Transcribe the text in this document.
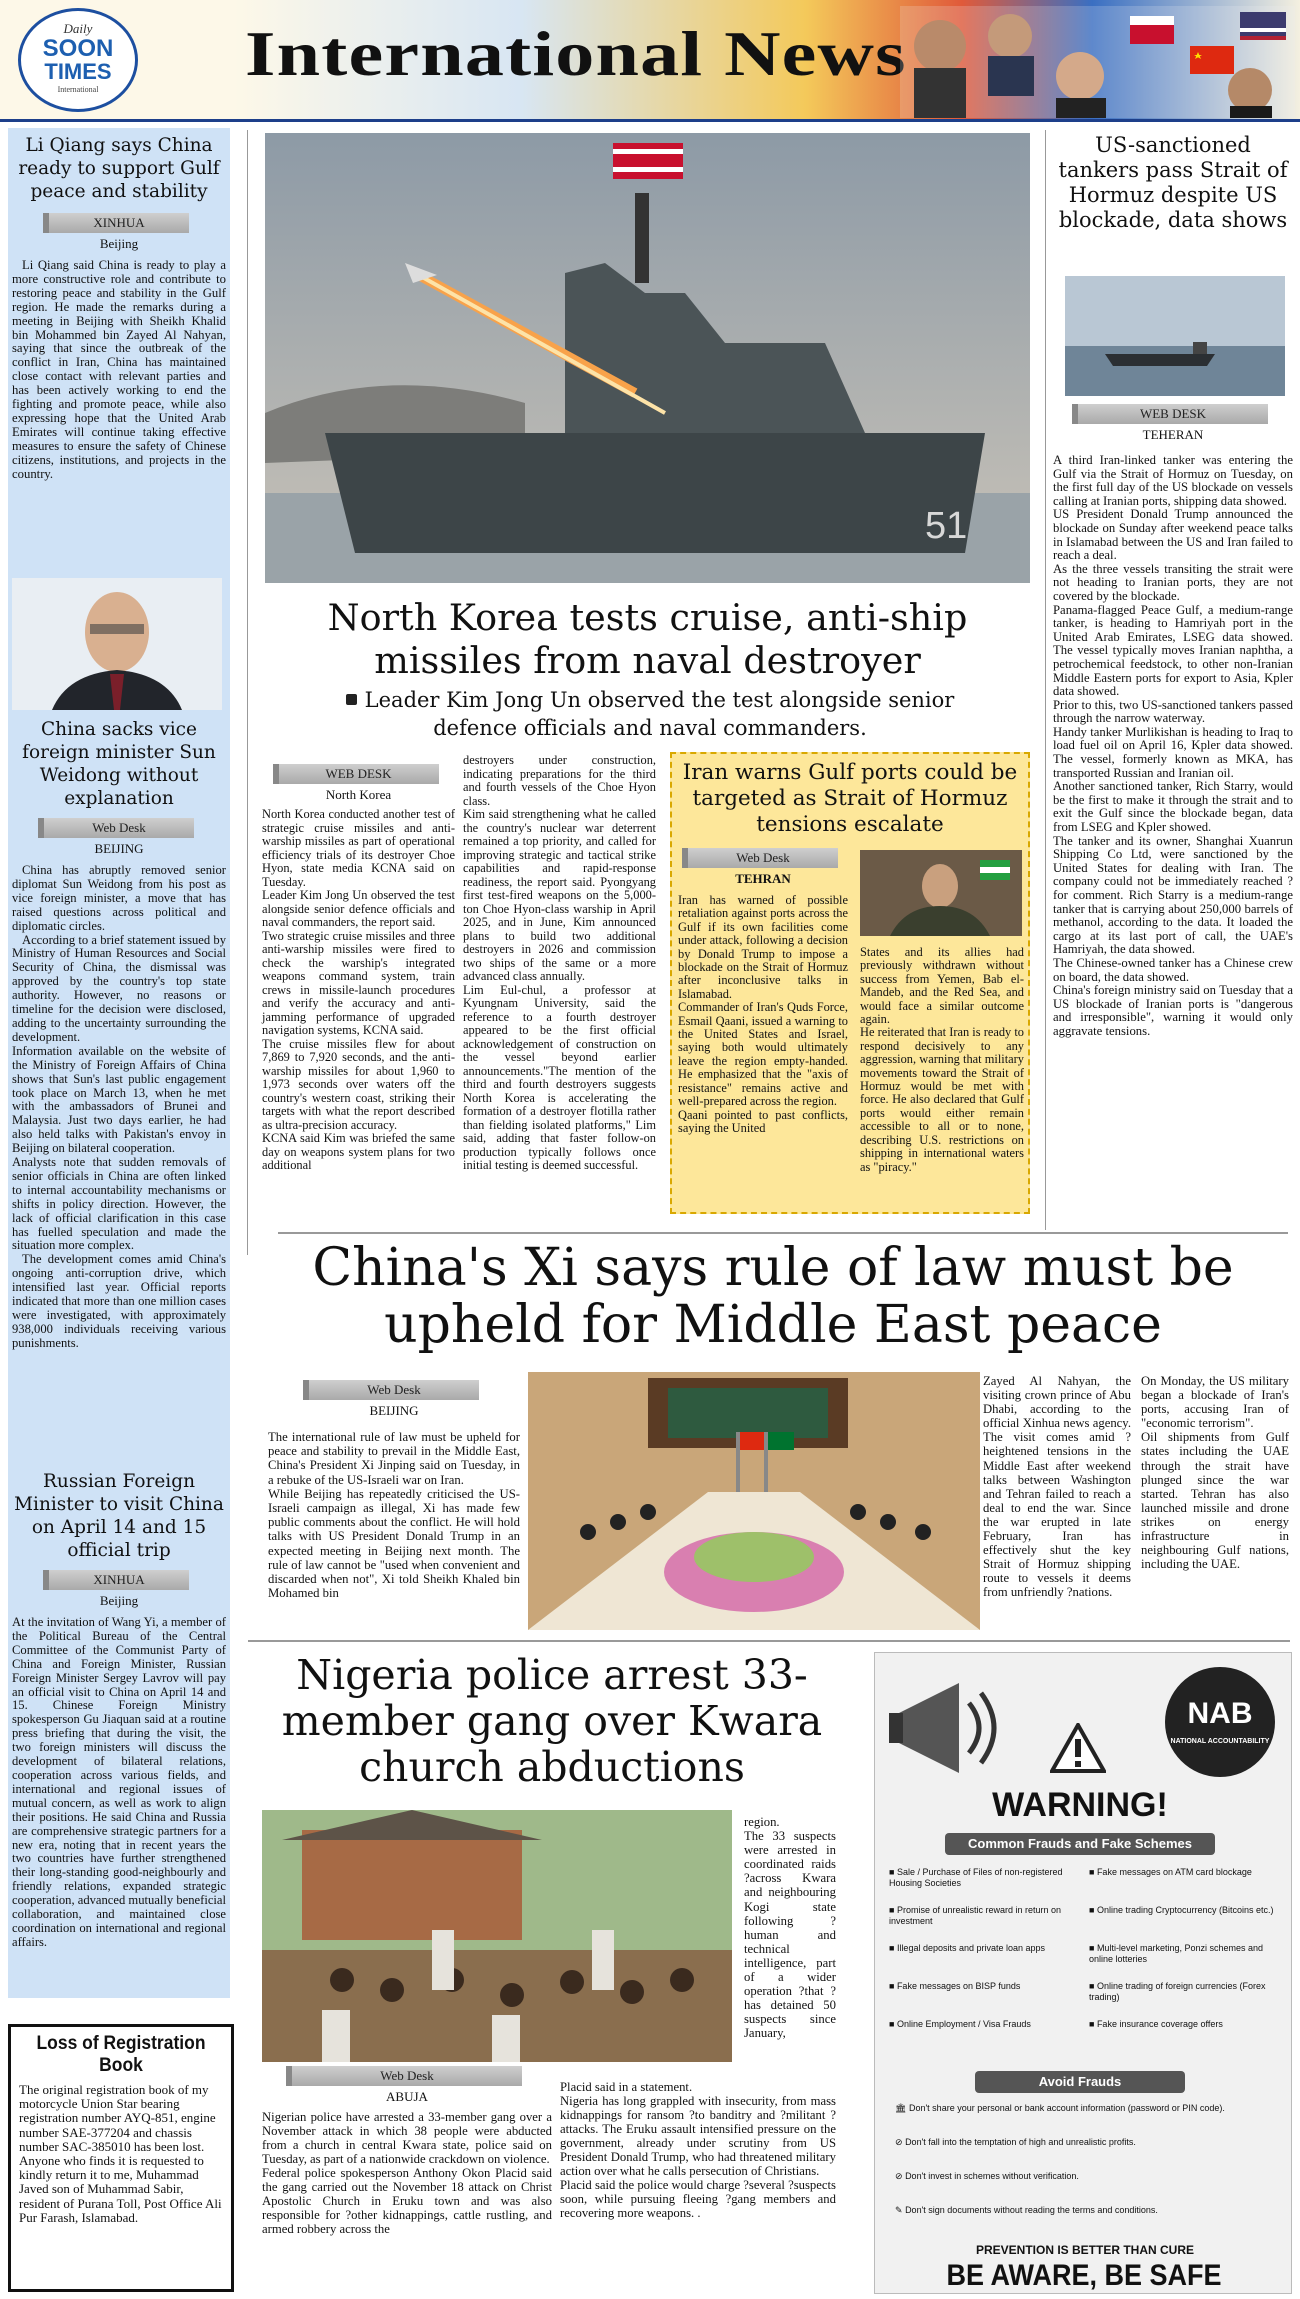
Daily
SOON
TIMES
International
International News
Li Qiang says China ready to support Gulf peace and stability
XINHUA
Beijing

Li Qiang said China is ready to play a more constructive role and contribute to restoring peace and stability in the Gulf region. He made the remarks during a meeting in Beijing with Sheikh Khalid bin Mohammed bin Zayed Al Nahyan, saying that since the outbreak of the conflict in Iran, China has maintained close contact with relevant parties and has been actively working to end the fighting and promote peace, while also expressing hope that the United Arab Emirates will continue taking effective measures to ensure the safety of Chinese citizens, institutions, and projects in the country.

China sacks vice foreign minister Sun Weidong without explanation
Web Desk
BEIJING

China has abruptly removed senior diplomat Sun Weidong from his post as vice foreign minister, a move that has raised questions across political and diplomatic circles.

According to a brief statement issued by Ministry of Human Resources and Social Security of China, the dismissal was approved by the country's top state authority. However, no reasons or timeline for the decision were disclosed, adding to the uncertainty surrounding the development.

Information available on the website of the Ministry of Foreign Affairs of China shows that Sun's last public engagement took place on March 13, when he met with the ambassadors of Brunei and Malaysia. Just two days earlier, he had also held talks with Pakistan's envoy in Beijing on bilateral cooperation.

Analysts note that sudden removals of senior officials in China are often linked to internal accountability mechanisms or shifts in policy direction. However, the lack of official clarification in this case has fuelled speculation and made the situation more complex.

The development comes amid China's ongoing anti-corruption drive, which intensified last year. Official reports indicated that more than one million cases were investigated, with approximately 938,000 individuals receiving various punishments.

Russian Foreign Minister to visit China on April 14 and 15 official trip
XINHUA
Beijing

At the invitation of Wang Yi, a member of the Political Bureau of the Central Committee of the Communist Party of China and Foreign Minister, Russian Foreign Minister Sergey Lavrov will pay an official visit to China on April 14 and 15. Chinese Foreign Ministry spokesperson Gu Jiaquan said at a routine press briefing that during the visit, the two foreign ministers will discuss the development of bilateral relations, cooperation across various fields, and international and regional issues of mutual concern, as well as work to align their positions. He said China and Russia are comprehensive strategic partners for a new era, noting that in recent years the two countries have further strengthened their long-standing good-neighbourly and friendly relations, expanded strategic cooperation, advanced mutually beneficial collaboration, and maintained close coordination on international and regional affairs.

Loss of Registration Book

The original registration book of my motorcycle Union Star bearing registration number AYQ-851, engine number SAE-377204 and chassis number SAC-385010 has been lost. Anyone who finds it is requested to kindly return it to me, Muhammad Javed son of Muhammad Sabir, resident of Purana Toll, Post Office Ali Pur Farash, Islamabad.

51
North Korea tests cruise, anti-ship missiles from naval destroyer
Leader Kim Jong Un observed the test alongside senior defence officials and naval commanders.
WEB DESK
North Korea
North Korea conducted another test of strategic cruise missiles and anti-warship missiles as part of operational efficiency trials of its destroyer Choe Hyon, state media KCNA said on Tuesday.
Leader Kim Jong Un observed the test alongside senior defence officials and naval commanders, the report said.
Two strategic cruise missiles and three anti-warship missiles were fired to check the warship's integrated weapons command system, train crews in missile-launch procedures and verify the accuracy and anti-jamming performance of upgraded navigation systems, KCNA said.
The cruise missiles flew for about 7,869 to 7,920 seconds, and the anti-warship missiles for about 1,960 to 1,973 seconds over waters off the country's western coast, striking their targets with what the report described as ultra-precision accuracy.
KCNA said Kim was briefed the same day on weapons system plans for two additional
destroyers under construction, indicating preparations for the third and fourth vessels of the Choe Hyon class.
Kim said strengthening what he called the country's nuclear war deterrent remained a top priority, and called for improving strategic and tactical strike capabilities and rapid-response readiness, the report said. Pyongyang first test-fired weapons on the 5,000-ton Choe Hyon-class warship in April 2025, and in June, Kim announced plans to build two additional destroyers in 2026 and commission two ships of the same or a more advanced class annually.
Lim Eul-chul, a professor at Kyungnam University, said the reference to a fourth destroyer appeared to be the first official acknowledgement of construction on the vessel beyond earlier announcements."The mention of the third and fourth destroyers suggests North Korea is accelerating the formation of a destroyer flotilla rather than fielding isolated platforms," Lim said, adding that faster follow-on production typically follows once initial testing is deemed successful.
Iran warns Gulf ports could be targeted as Strait of Hormuz tensions escalate
Web Desk
TEHRAN
Iran has warned of possible retaliation against ports across the Gulf if its own facilities come under attack, following a decision by Donald Trump to impose a blockade on the Strait of Hormuz after inconclusive talks in Islamabad.
Commander of Iran's Quds Force, Esmail Qaani, issued a warning to the United States and Israel, saying both would ultimately leave the region empty-handed. He emphasized that the "axis of resistance" remains active and well-prepared across the region.
Qaani pointed to past conflicts, saying the United
States and its allies had previously withdrawn without success from Yemen, Bab el-Mandeb, and the Red Sea, and would face a similar outcome again.
He reiterated that Iran is ready to respond decisively to any aggression, warning that military movements toward the Strait of Hormuz would be met with force. He also declared that Gulf ports would either remain accessible to all or to none, describing U.S. restrictions on shipping in international waters as "piracy."
US-sanctioned tankers pass Strait of Hormuz despite US blockade, data shows
WEB DESK
TEHERAN
A third Iran-linked tanker was entering the Gulf via the Strait of Hormuz on Tuesday, on the first full day of the US blockade on vessels calling at Iranian ports, shipping data showed.
US President Donald Trump announced the blockade on Sunday after weekend peace talks in Islamabad between the US and Iran failed to reach a deal.
As the three vessels transiting the strait were not heading to Iranian ports, they are not covered by the blockade.
Panama-flagged Peace Gulf, a medium-range tanker, is heading to Hamriyah port in the United Arab Emirates, LSEG data showed. The vessel typically moves Iranian naphtha, a petrochemical feedstock, to other non-Iranian Middle Eastern ports for export to Asia, Kpler data showed.
Prior to this, two US-sanctioned tankers passed through the narrow waterway.
Handy tanker Murlikishan is heading to Iraq to load fuel oil on April 16, Kpler data showed. The vessel, formerly known as MKA, has transported Russian and Iranian oil.
Another sanctioned tanker, Rich Starry, would be the first to make it through the strait and to exit the Gulf since the blockade began, data from LSEG and Kpler showed.
The tanker and its owner, Shanghai Xuanrun Shipping Co Ltd, were sanctioned by the United States for dealing with Iran. The company could not be immediately reached ?for comment. Rich Starry is a medium-range tanker that is carrying about 250,000 barrels of methanol, according to the data. It loaded the cargo at its last port of call, the UAE's Hamriyah, the data showed.
The Chinese-owned tanker has a Chinese crew on board, the data showed.
China's foreign ministry said on Tuesday that a US blockade of Iranian ports is "dangerous and irresponsible", warning it would only aggravate tensions.
China's Xi says rule of law must be upheld for Middle East peace
Web Desk
BEIJING
The international rule of law must be upheld for peace and stability to prevail in the Middle East, China's President Xi Jinping said on Tuesday, in a rebuke of the US-Israeli war on Iran.
While Beijing has repeatedly criticised the US-Israeli campaign as illegal, Xi has made few public comments about the conflict. He will hold talks with US President Donald Trump in an expected meeting in Beijing next month. The rule of law cannot be "used when convenient and discarded when not", Xi told Sheikh Khaled bin Mohamed bin
Zayed Al Nahyan, the visiting crown prince of Abu Dhabi, according to the official Xinhua news agency. The visit comes amid ?heightened tensions in the Middle East after weekend talks between Washington and Tehran failed to reach a deal to end the war. Since the war erupted in late February, Iran has effectively shut the key Strait of Hormuz shipping route to vessels it deems from unfriendly ?nations.
On Monday, the US military began a blockade of Iran's ports, accusing Iran of "economic terrorism".
Oil shipments from Gulf states including the UAE through the strait have plunged since the war started. Tehran has also launched missile and drone strikes on energy infrastructure in neighbouring Gulf nations, including the UAE.
Nigeria police arrest 33-member gang over Kwara church abductions
region.
The 33 suspects were arrested in coordinated raids ?across Kwara and neighbouring Kogi state following ?human and technical intelligence, part of a wider operation ?that ?has detained 50 suspects since January,
Web Desk
ABUJA
Nigerian police have arrested a 33-member gang over a November attack in which 38 people were abducted from a church in central Kwara state, police said on Tuesday, as part of a nationwide crackdown on violence.
Federal police spokesperson Anthony Okon Placid said the gang carried out the November 18 attack on Christ Apostolic Church in Eruku town and was also responsible for ?other kidnappings, cattle rustling, and armed robbery across the
Placid said in a statement.
Nigeria has long grappled with insecurity, from mass kidnappings for ransom ?to banditry and ?militant ?attacks. The Eruku assault intensified pressure on the government, already under scrutiny from US President Donald Trump, who had threatened military action over what he calls persecution of Christians.
Placid said the police would charge ?several ?suspects soon, while pursuing fleeing ?gang members and recovering more weapons. .
NAB
NATIONAL ACCOUNTABILITY
WARNING!
Common Frauds and Fake Schemes
■ Sale / Purchase of Files of non-registered Housing Societies
■ Promise of unrealistic reward in return on investment
■ Illegal deposits and private loan apps
■ Fake messages on BISP funds
■ Online Employment / Visa Frauds
■ Fake messages on ATM card blockage
■ Online trading Cryptocurrency (Bitcoins etc.)
■ Multi-level marketing, Ponzi schemes and online lotteries
■ Online trading of foreign currencies (Forex trading)
■ Fake insurance coverage offers
Avoid Frauds
🏛 Don't share your personal or bank account information (password or PIN code).
⊘ Don't fall into the temptation of high and unrealistic profits.
⊘ Don't invest in schemes without verification.
✎ Don't sign documents without reading the terms and conditions.
PREVENTION IS BETTER THAN CURE
BE AWARE, BE SAFE
